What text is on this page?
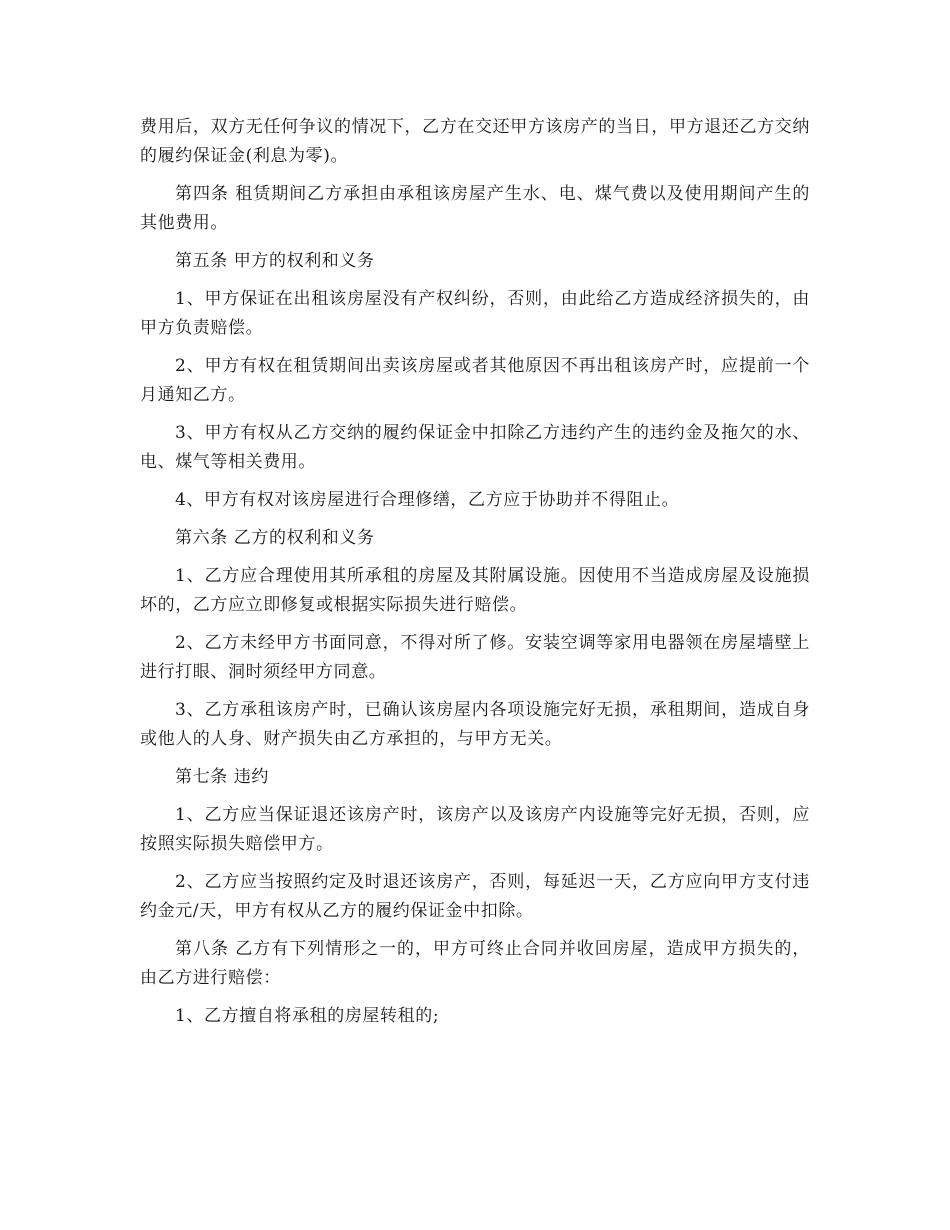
费用后，双方无任何争议的情况下，乙方在交还甲方该房产的当日，甲方退还乙方交纳的履约保证金(利息为零)。

第四条 租赁期间乙方承担由承租该房屋产生水、电、煤气费以及使用期间产生的其他费用。

第五条 甲方的权利和义务

1、甲方保证在出租该房屋没有产权纠纷，否则，由此给乙方造成经济损失的，由甲方负责赔偿。

2、甲方有权在租赁期间出卖该房屋或者其他原因不再出租该房产时，应提前一个月通知乙方。

3、甲方有权从乙方交纳的履约保证金中扣除乙方违约产生的违约金及拖欠的水、电、煤气等相关费用。

4、甲方有权对该房屋进行合理修缮，乙方应于协助并不得阻止。

第六条 乙方的权利和义务

1、乙方应合理使用其所承租的房屋及其附属设施。因使用不当造成房屋及设施损坏的，乙方应立即修复或根据实际损失进行赔偿。

2、乙方未经甲方书面同意，不得对所了修。安装空调等家用电器领在房屋墙壁上进行打眼、洞时须经甲方同意。

3、乙方承租该房产时，已确认该房屋内各项设施完好无损，承租期间，造成自身或他人的人身、财产损失由乙方承担的，与甲方无关。

第七条 违约

1、乙方应当保证退还该房产时，该房产以及该房产内设施等完好无损，否则，应按照实际损失赔偿甲方。

2、乙方应当按照约定及时退还该房产，否则，每延迟一天，乙方应向甲方支付违约金元/天，甲方有权从乙方的履约保证金中扣除。

第八条 乙方有下列情形之一的，甲方可终止合同并收回房屋，造成甲方损失的，由乙方进行赔偿：

1、乙方擅自将承租的房屋转租的;
